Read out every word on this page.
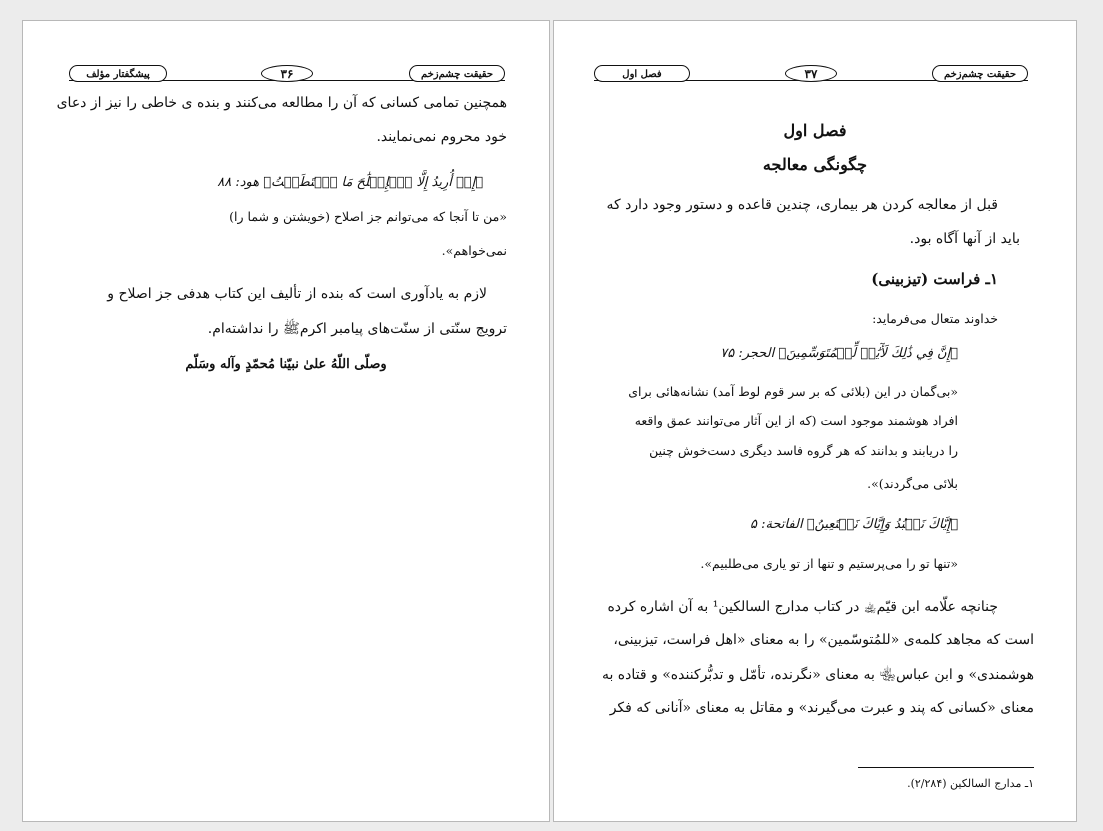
حقیقت چشم‌زخم
۳۶
پیشگفتار مؤلف
همچنین تمامی کسانی که آن را مطالعه می‌کنند و بنده ی خاطی را نیز از دعای
خود محروم نمی‌نمایند.
﴿إِنۡ أُرِيدُ إِلَّا ٱلۡإِصۡلَٰحَ مَا ٱسۡتَطَعۡتُ﴾ هود: ۸۸
«من تا آنجا که می‌توانم جز اصلاح (خویشتن و شما را)
نمی‌خواهم».
لازم به یادآوری است که بنده از تألیف این کتاب هدفی جز اصلاح و
ترویج سنّتی از سنّت‌های پیامبر اکرمﷺ را نداشته‌ام.
وصلّی اللّهُ علىٰ نبيّنا مُحمّدٍ وآله وسَلّم
حقیقت چشم‌زخم
۳۷
فصل اول
فصل اول
چگونگی معالجه
قبل از معالجه کردن هر بیماری، چندین قاعده و دستور وجود دارد که
باید از آنها آگاه بود.
۱ـ فراست (تیزبینی)
خداوند متعال می‌فرماید:
﴿إِنَّ فِي ذَٰلِكَ لَأٓيَٰتٖ لِّلۡمُتَوَسِّمِينَ﴾ الحجر: ۷۵
«بی‌گمان در این (بلائی که بر سر قوم لوط آمد) نشانه‌هائی برای
افراد هوشمند موجود است (که از این آثار می‌توانند عمق واقعه
را دریابند و بدانند که هر گروه فاسد دیگری دست‌خوش چنین
بلائی می‌گردند)».
﴿إِيَّاكَ نَعۡبُدُ وَإِيَّاكَ نَسۡتَعِينُ﴾ الفاتحة: ۵
«تنها تو را می‌پرستیم و تنها از تو یاری می‌طلبیم».
چنانچه علّامه ابن قیّم‌﵀ در کتاب مدارج السالکین¹ به آن اشاره کرده
است که مجاهد کلمه‌ی «للمُتوسّمین» را به معنای «اهل فراست، تیزبینی،
هوشمندی» و ابن عباس﵄ به معنای «نگرنده، تأمّل و تدبُّرکننده» و قتاده به
معنای «کسانی که پند و عبرت می‌گیرند» و مقاتل به معنای «آنانی که فکر
۱ـ مدارج السالکین (۲/۲۸۴).
